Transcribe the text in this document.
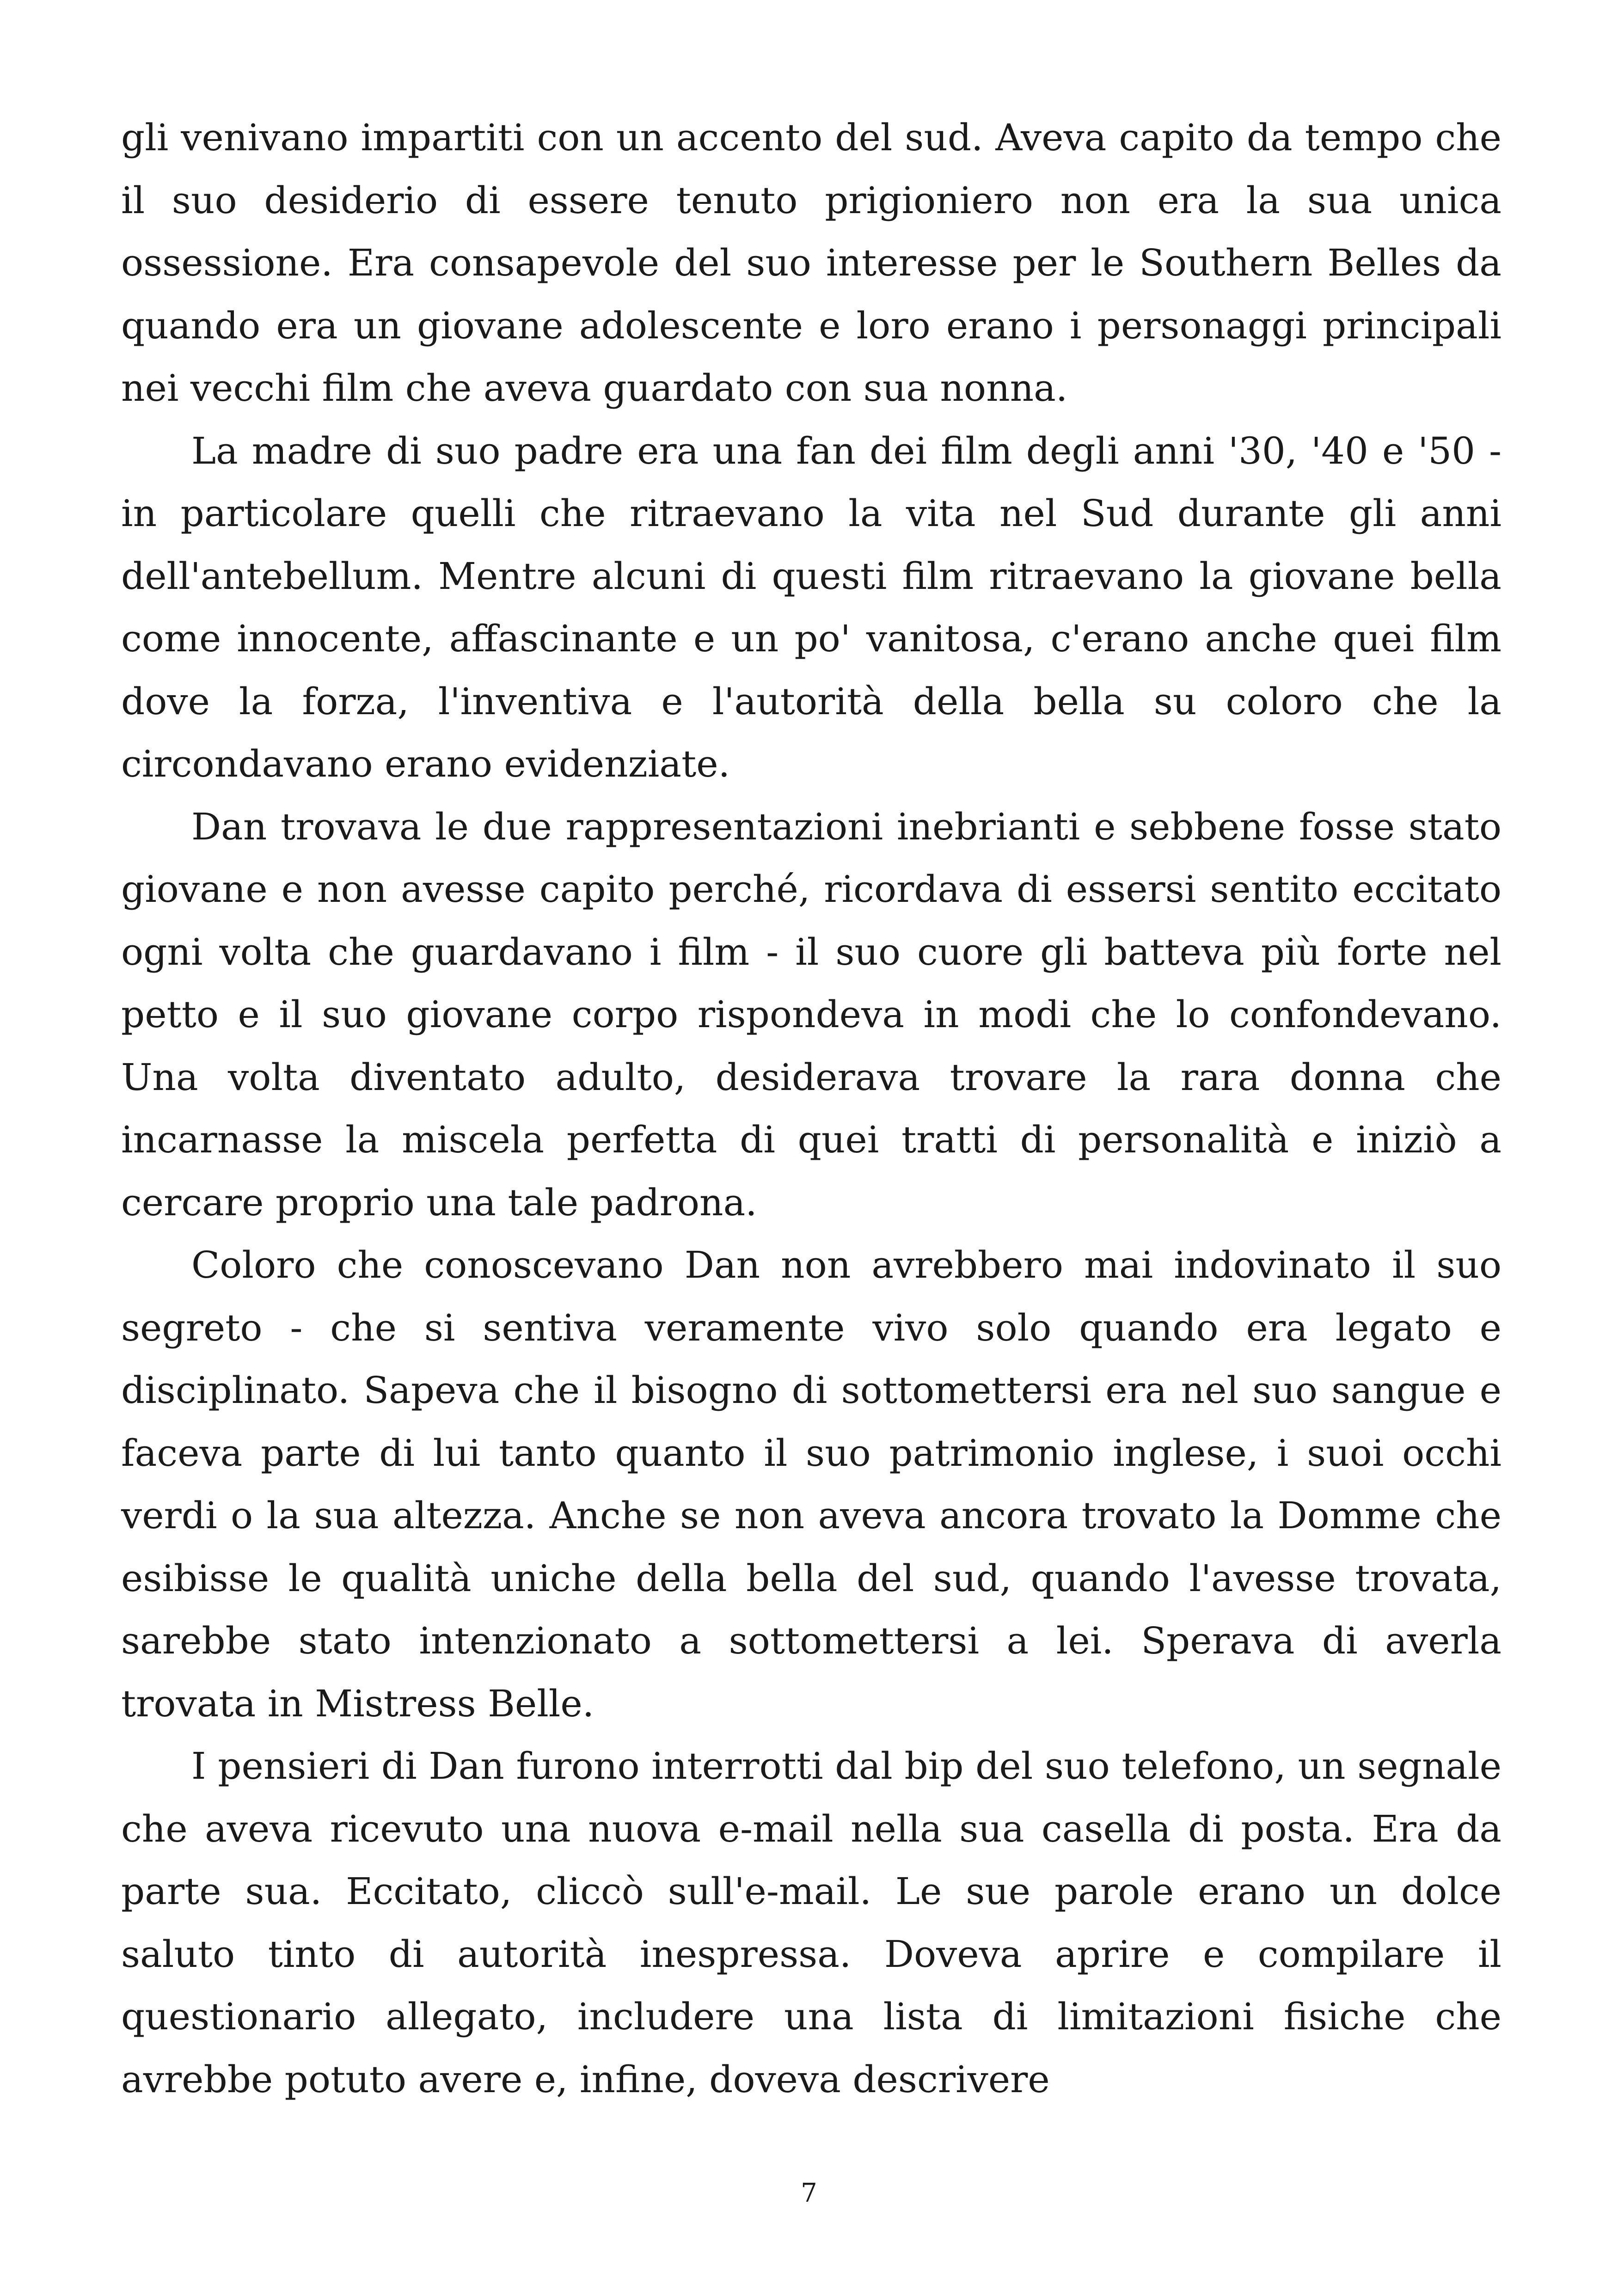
gli venivano impartiti con un accento del sud. Aveva capito da tempo che il suo desiderio di essere tenuto prigioniero non era la sua unica ossessione. Era consapevole del suo interesse per le Southern Belles da quando era un giovane adolescente e loro erano i personaggi principali nei vecchi film che aveva guardato con sua nonna.

La madre di suo padre era una fan dei film degli anni '30, '40 e '50 - in particolare quelli che ritraevano la vita nel Sud durante gli anni dell'antebellum. Mentre alcuni di questi film ritraevano la giovane bella come innocente, affascinante e un po' vanitosa, c'erano anche quei film dove la forza, l'inventiva e l'autorità della bella su coloro che la circondavano erano evidenziate.

Dan trovava le due rappresentazioni inebrianti e sebbene fosse stato giovane e non avesse capito perché, ricordava di essersi sentito eccitato ogni volta che guardavano i film - il suo cuore gli batteva più forte nel petto e il suo giovane corpo rispondeva in modi che lo confondevano. Una volta diventato adulto, desiderava trovare la rara donna che incarnasse la miscela perfetta di quei tratti di personalità e iniziò a cercare proprio una tale padrona.

Coloro che conoscevano Dan non avrebbero mai indovinato il suo segreto - che si sentiva veramente vivo solo quando era legato e disciplinato. Sapeva che il bisogno di sottomettersi era nel suo sangue e faceva parte di lui tanto quanto il suo patrimonio inglese, i suoi occhi verdi o la sua altezza. Anche se non aveva ancora trovato la Domme che esibisse le qualità uniche della bella del sud, quando l'avesse trovata, sarebbe stato intenzionato a sottomettersi a lei. Sperava di averla trovata in Mistress Belle.

I pensieri di Dan furono interrotti dal bip del suo telefono, un segnale che aveva ricevuto una nuova e-mail nella sua casella di posta. Era da parte sua. Eccitato, cliccò sull'e-mail. Le sue parole erano un dolce saluto tinto di autorità inespressa. Doveva aprire e compilare il questionario allegato, includere una lista di limitazioni fisiche che avrebbe potuto avere e, infine, doveva descrivere

7
